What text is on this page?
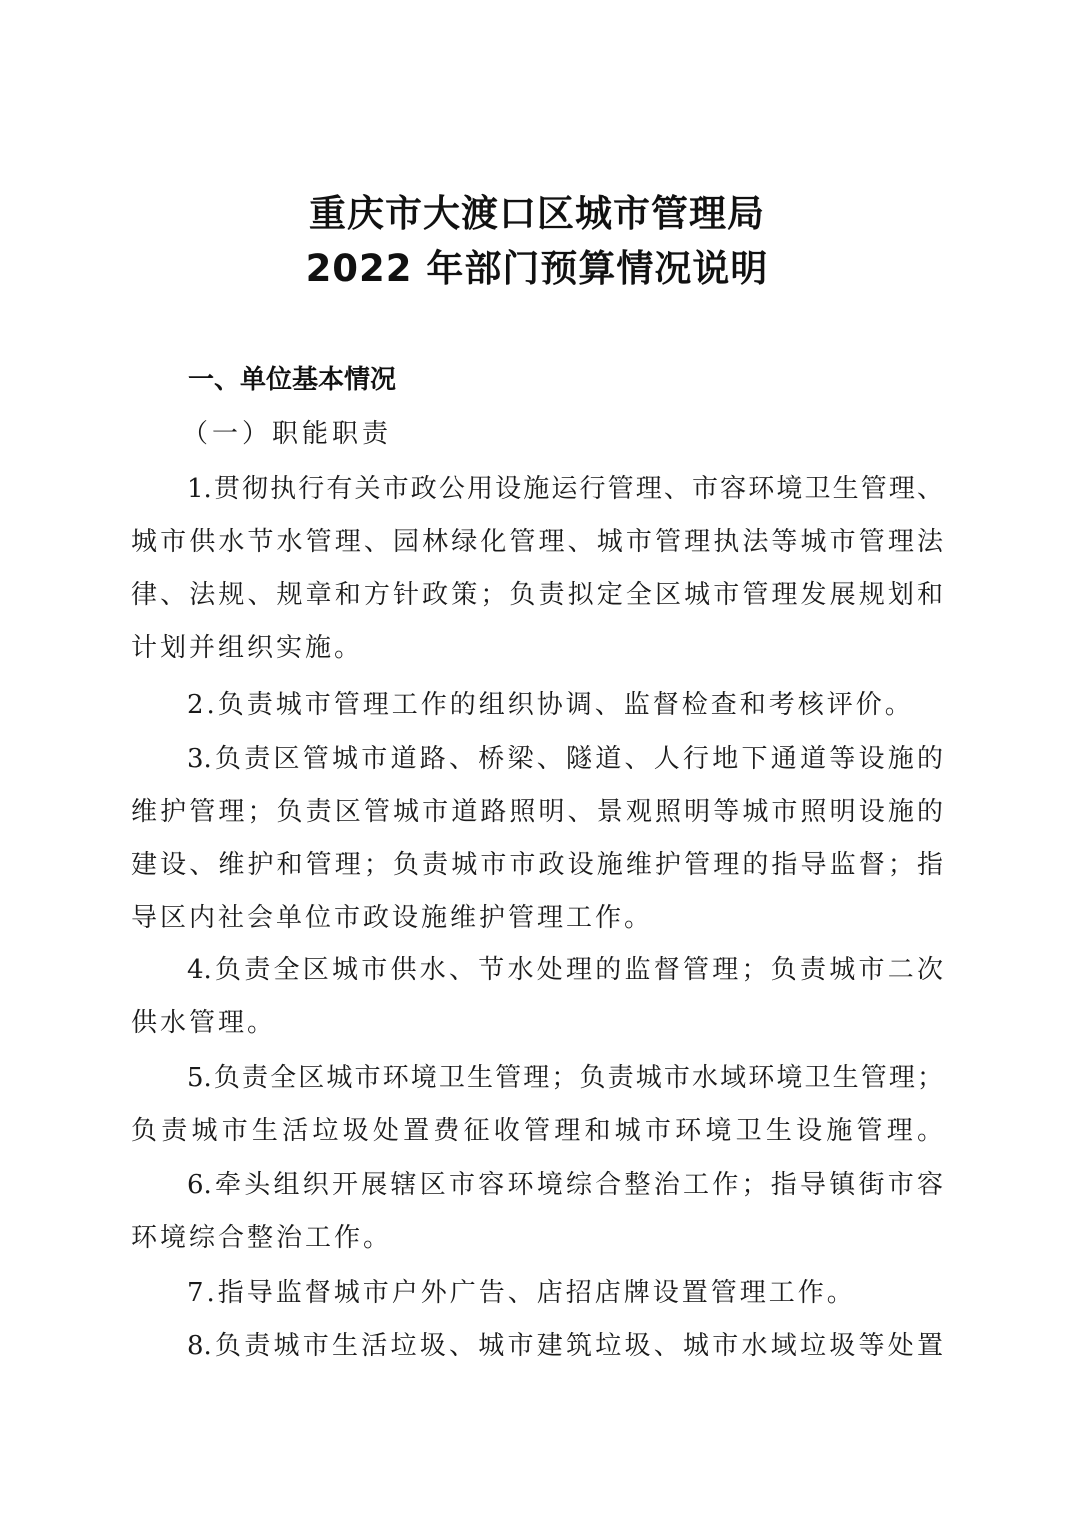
重庆市大渡口区城市管理局
2022 年部门预算情况说明
一、单位基本情况
（一）职能职责
1.贯彻执行有关市政公用设施运行管理、市容环境卫生管理、
城市供水节水管理、园林绿化管理、城市管理执法等城市管理法
律、法规、规章和方针政策；负责拟定全区城市管理发展规划和
计划并组织实施。
2.负责城市管理工作的组织协调、监督检查和考核评价。
3.负责区管城市道路、桥梁、隧道、人行地下通道等设施的
维护管理；负责区管城市道路照明、景观照明等城市照明设施的
建设、维护和管理；负责城市市政设施维护管理的指导监督；指
导区内社会单位市政设施维护管理工作。
4.负责全区城市供水、节水处理的监督管理；负责城市二次
供水管理。
5.负责全区城市环境卫生管理；负责城市水域环境卫生管理；
负责城市生活垃圾处置费征收管理和城市环境卫生设施管理。
6.牵头组织开展辖区市容环境综合整治工作；指导镇街市容
环境综合整治工作。
7.指导监督城市户外广告、店招店牌设置管理工作。
8.负责城市生活垃圾、城市建筑垃圾、城市水域垃圾等处置
